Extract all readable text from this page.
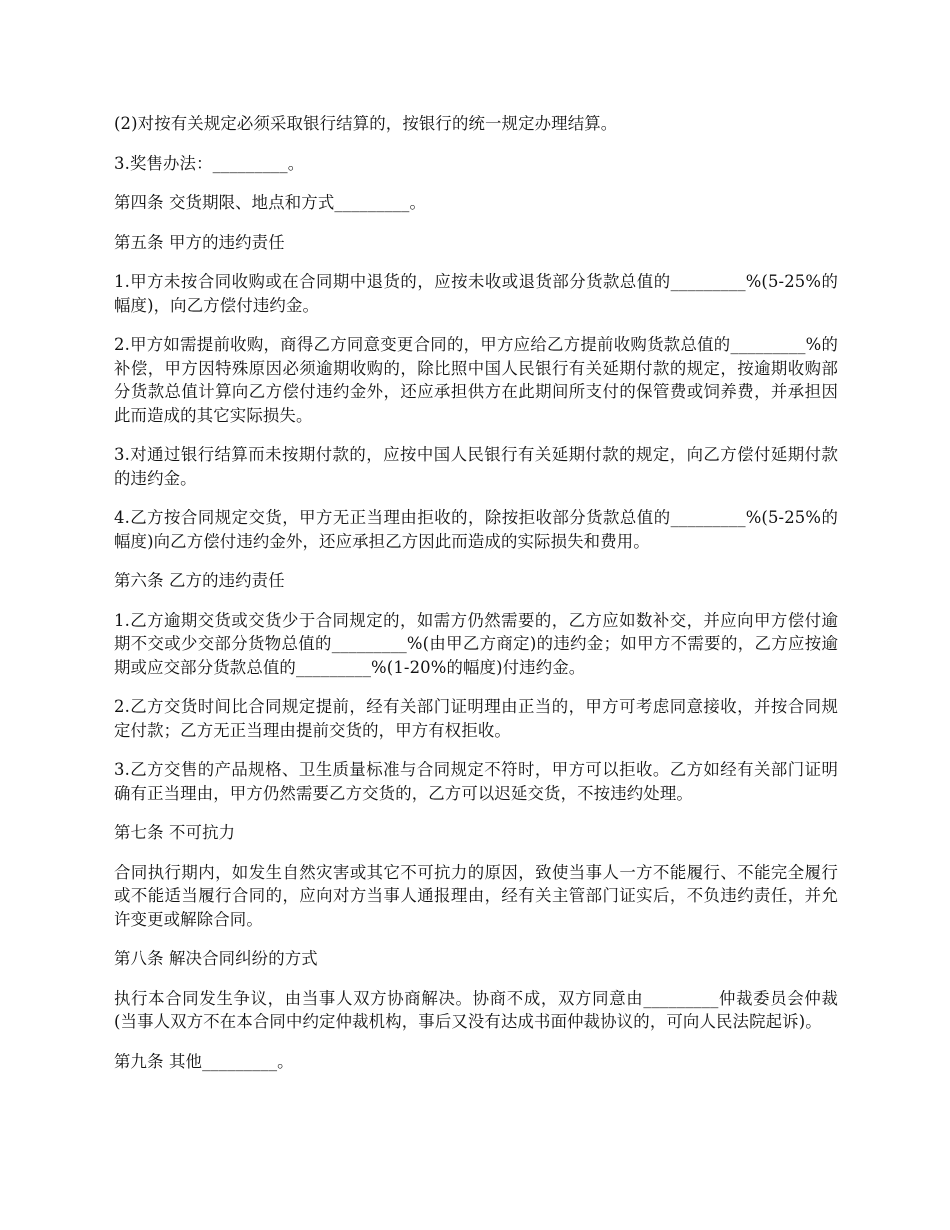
(2)对按有关规定必须采取银行结算的，按银行的统一规定办理结算。

3.奖售办法：_________。

第四条 交货期限、地点和方式_________。

第五条 甲方的违约责任

1.甲方未按合同收购或在合同期中退货的，应按未收或退货部分货款总值的_________%(5-25%的幅度)，向乙方偿付违约金。

2.甲方如需提前收购，商得乙方同意变更合同的，甲方应给乙方提前收购货款总值的_________%的补偿，甲方因特殊原因必须逾期收购的，除比照中国人民银行有关延期付款的规定，按逾期收购部分货款总值计算向乙方偿付违约金外，还应承担供方在此期间所支付的保管费或饲养费，并承担因此而造成的其它实际损失。

3.对通过银行结算而未按期付款的，应按中国人民银行有关延期付款的规定，向乙方偿付延期付款的违约金。

4.乙方按合同规定交货，甲方无正当理由拒收的，除按拒收部分货款总值的_________%(5-25%的幅度)向乙方偿付违约金外，还应承担乙方因此而造成的实际损失和费用。

第六条 乙方的违约责任

1.乙方逾期交货或交货少于合同规定的，如需方仍然需要的，乙方应如数补交，并应向甲方偿付逾期不交或少交部分货物总值的_________%(由甲乙方商定)的违约金；如甲方不需要的，乙方应按逾期或应交部分货款总值的_________%(1-20%的幅度)付违约金。

2.乙方交货时间比合同规定提前，经有关部门证明理由正当的，甲方可考虑同意接收，并按合同规定付款；乙方无正当理由提前交货的，甲方有权拒收。

3.乙方交售的产品规格、卫生质量标准与合同规定不符时，甲方可以拒收。乙方如经有关部门证明确有正当理由，甲方仍然需要乙方交货的，乙方可以迟延交货，不按违约处理。

第七条 不可抗力

合同执行期内，如发生自然灾害或其它不可抗力的原因，致使当事人一方不能履行、不能完全履行或不能适当履行合同的，应向对方当事人通报理由，经有关主管部门证实后，不负违约责任，并允许变更或解除合同。

第八条 解决合同纠纷的方式

执行本合同发生争议，由当事人双方协商解决。协商不成，双方同意由_________仲裁委员会仲裁(当事人双方不在本合同中约定仲裁机构，事后又没有达成书面仲裁协议的，可向人民法院起诉)。

第九条 其他_________。
